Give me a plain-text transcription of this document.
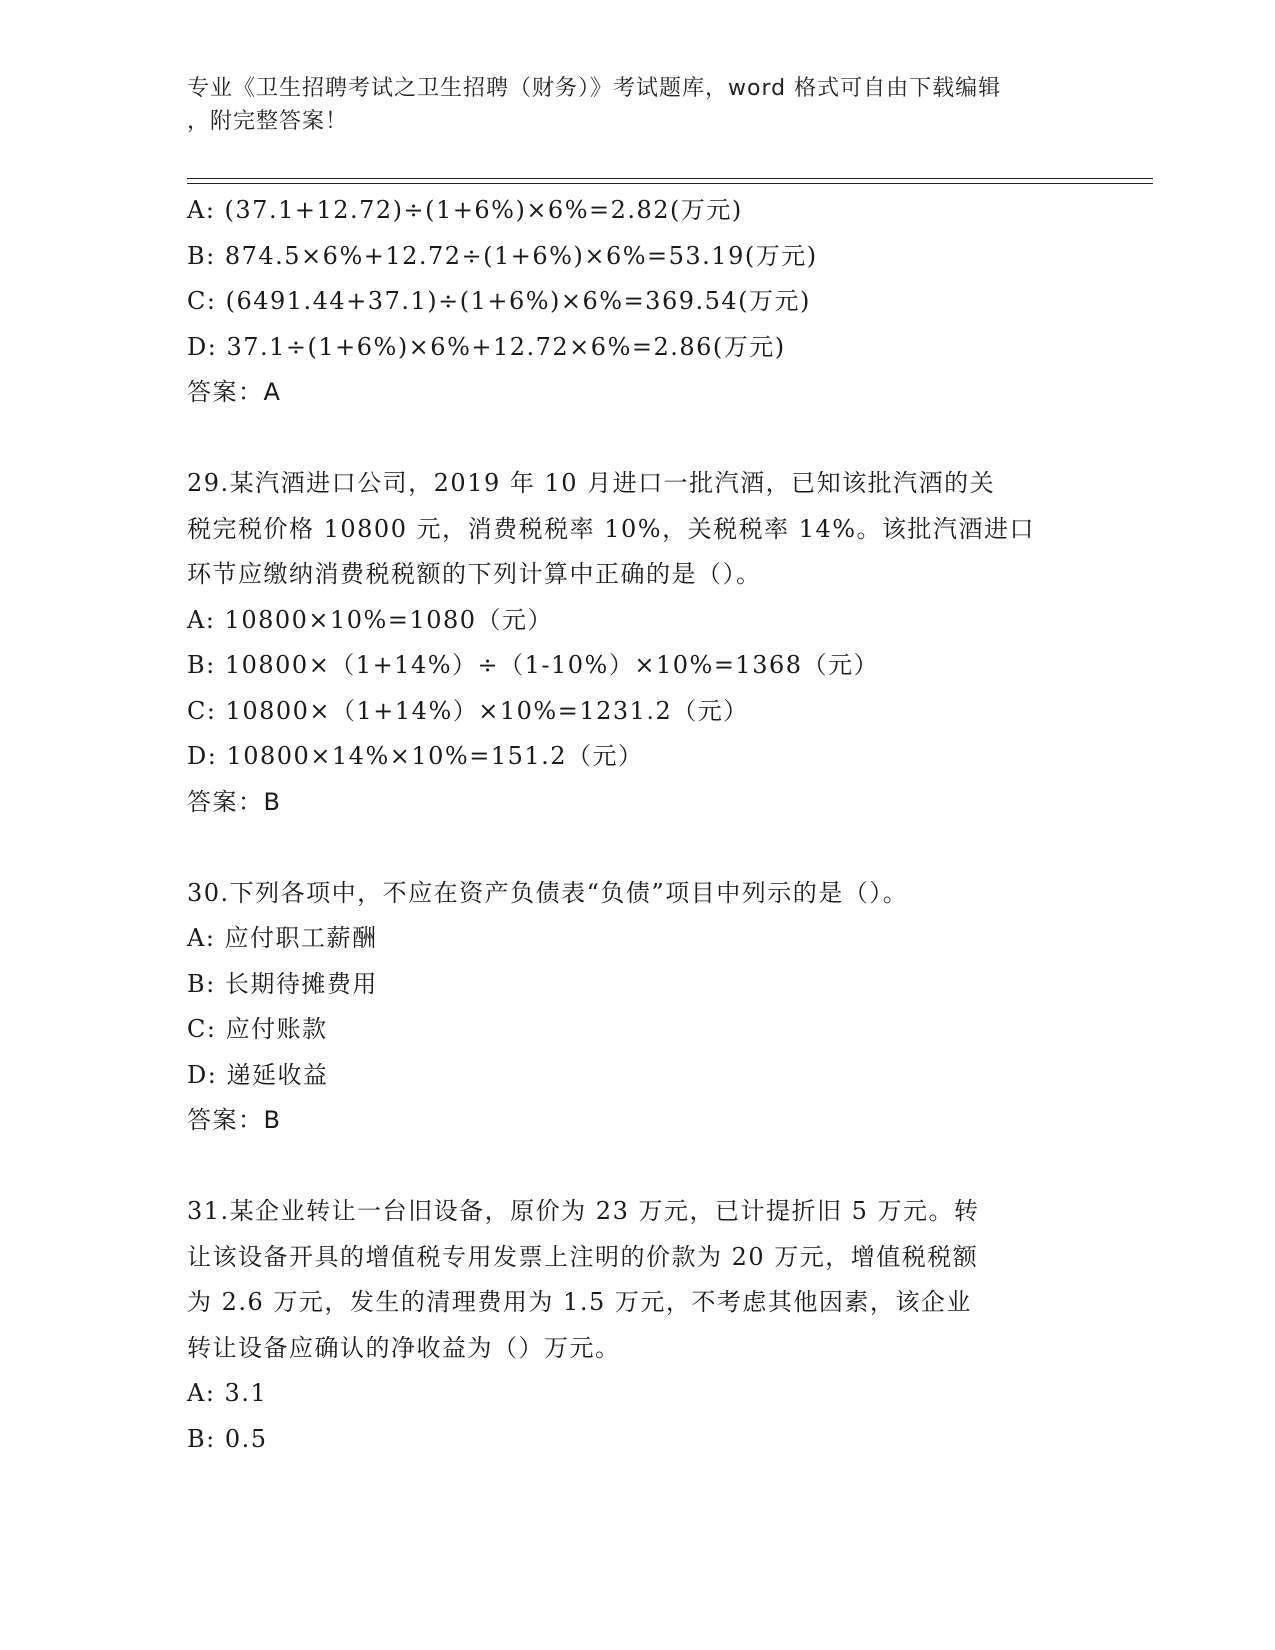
专业《卫生招聘考试之卫生招聘（财务）》考试题库，word 格式可自由下载编辑
，附完整答案！
A: (37.1+12.72)÷(1+6%)×6%=2.82(万元)
B: 874.5×6%+12.72÷(1+6%)×6%=53.19(万元)
C: (6491.44+37.1)÷(1+6%)×6%=369.54(万元)
D: 37.1÷(1+6%)×6%+12.72×6%=2.86(万元)
答案：A
29.某汽酒进口公司，2019 年 10 月进口一批汽酒，已知该批汽酒的关
税完税价格 10800 元，消费税税率 10%，关税税率 14%。该批汽酒进口
环节应缴纳消费税税额的下列计算中正确的是（）。
A: 10800×10%=1080（元）
B: 10800×（1+14%）÷（1-10%）×10%=1368（元）
C: 10800×（1+14%）×10%=1231.2（元）
D: 10800×14%×10%=151.2（元）
答案：B
30.下列各项中，不应在资产负债表“负债”项目中列示的是（）。
A: 应付职工薪酬
B: 长期待摊费用
C: 应付账款
D: 递延收益
答案：B
31.某企业转让一台旧设备，原价为 23 万元，已计提折旧 5 万元。转
让该设备开具的增值税专用发票上注明的价款为 20 万元，增值税税额
为 2.6 万元，发生的清理费用为 1.5 万元，不考虑其他因素，该企业
转让设备应确认的净收益为（）万元。
A: 3.1
B: 0.5
